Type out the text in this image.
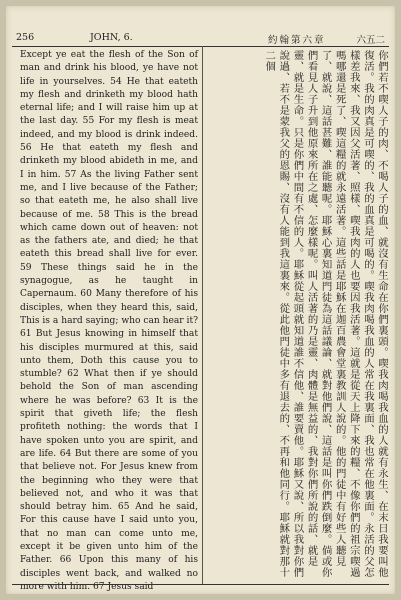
256	JOHN, 6.	約翰第六章	六五二

Except ye eat the flesh of the Son of man and drink his blood, ye have not life in yourselves. 54 He that eateth my flesh and drinketh my blood hath eternal life; and I will raise him up at the last day. 55 For my flesh is meat indeed, and my blood is drink indeed. 56 He that eateth my flesh and drinketh my blood abideth in me, and I in him. 57 As the living Father sent me, and I live because of the Father; so that eateth me, he also shall live because of me. 58 This is the bread which came down out of heaven: not as the fathers ate, and died; he that eateth this bread shall live for ever. 59 These things said he in the synagogue, as he taught in Capernaum. 60 Many therefore of his disciples, when they heard this, said, This is a hard saying; who can hear it? 61 But Jesus knowing in himself that his disciples murmured at this, said unto them, Doth this cause you to stumble? 62 What then if ye should behold the Son of man ascending where he was before? 63 It is the spirit that giveth life; the flesh profiteth nothing: the words that I have spoken unto you are spirit, and are life. 64 But there are some of you that believe not. For Jesus knew from the beginning who they were that believed not, and who it was that should betray him. 65 And he said, For this cause have I said unto you, that no man can come unto me, except it be given unto him of the Father. 66 Upon this many of his disciples went back, and walked no more with him. 67 Jesus said

你們若不喫人子的肉、不喝人子的血、就沒有生命在你們裏頭。喫我肉喝我血的人就有永生、在末日我要叫他復活。我的肉真是可喫的、我的血真是可喝的。喫我肉喝我血的人常在我裏面、我也常在他裏面。永活的父怎樣差我來、我又因父活著、照樣、喫我肉的人也要因我活著。這就是從天上降下來的糧、不像你們的祖宗喫過嗎哪還是死了、喫這糧的就永遠活著。這些話是耶穌在迦百農會堂裏教訓人說的。他的門徒中有好些人聽見了、就說、這話甚難、誰能聽呢。耶穌心裏知道門徒為這話議論、就對他們說、這話是叫你們跌倒麼。倘或你們看見人子升到他原來所在之處、怎麼樣呢。叫人活著的乃是靈、肉體是無益的、我對你們所說的話、就是靈、就是生命。只是你們中間有不信的人。耶穌從起頭就知道誰不信他、誰要賣他。耶穌又說、所以我對你們說過、若不是蒙我父的恩賜、沒有人能到我這裏來。從此他門徒中多有退去的、不再和他同行。耶穌就對那十二個
